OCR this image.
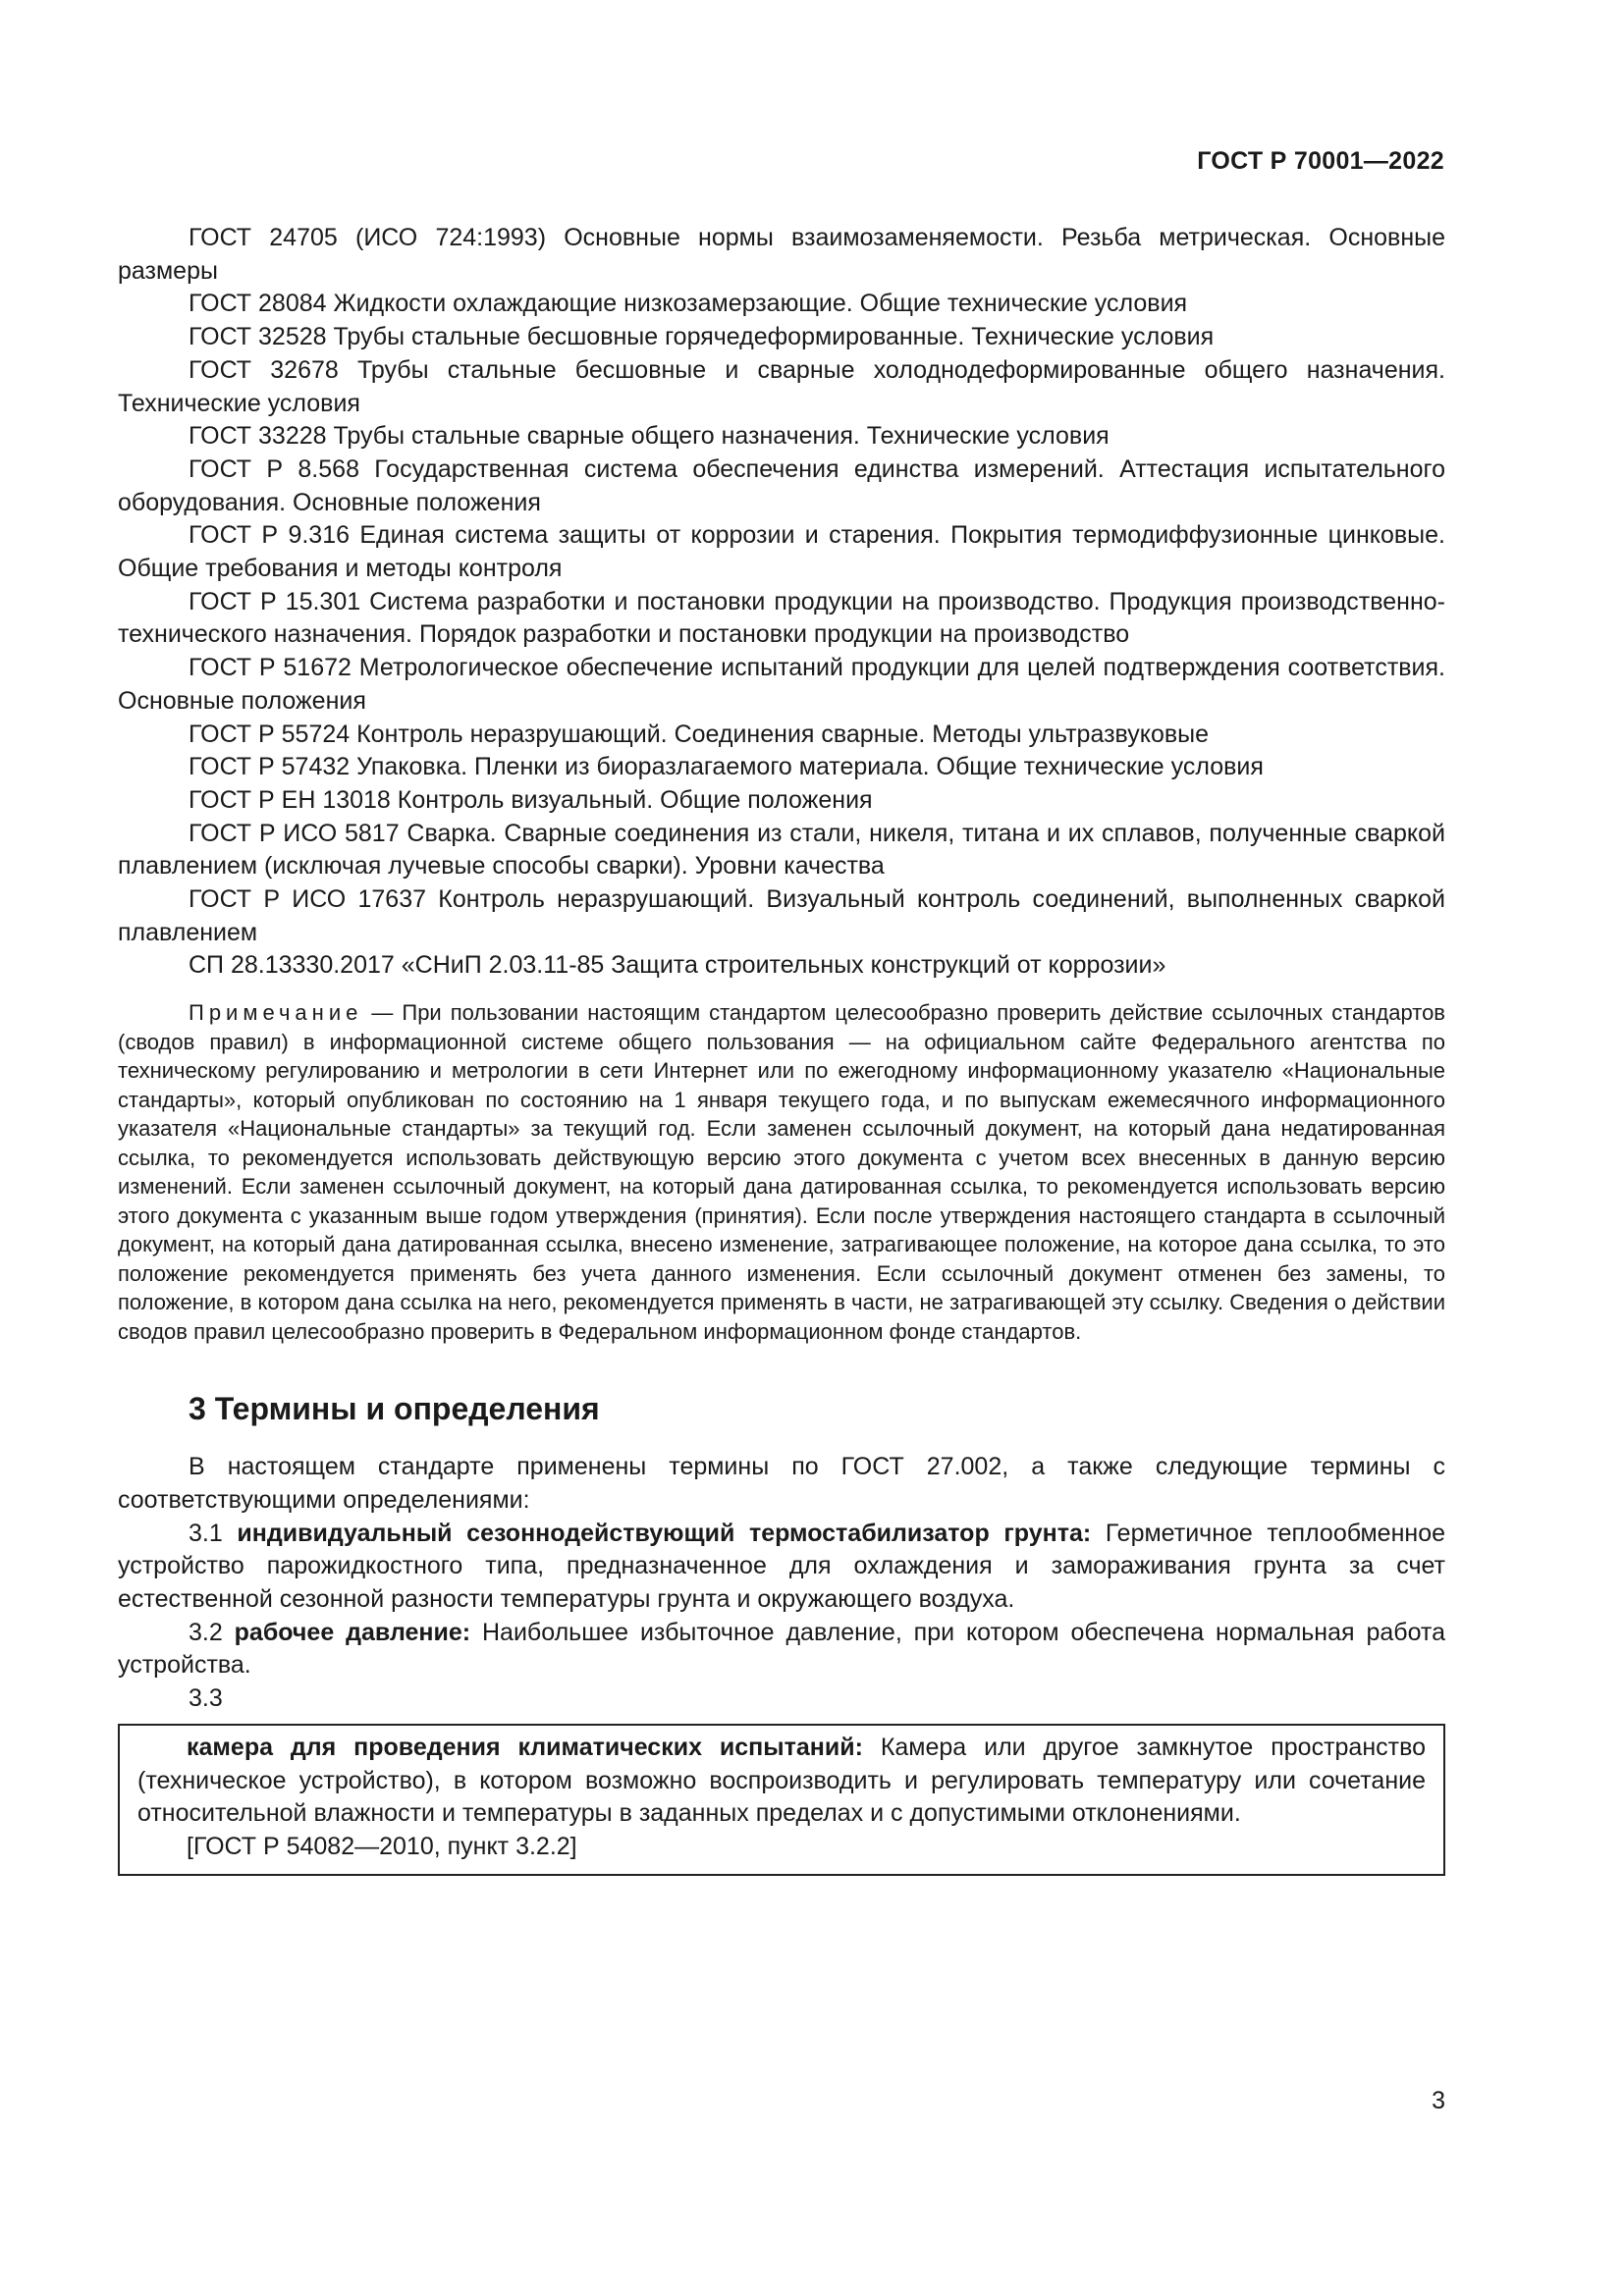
ГОСТ Р 70001—2022

ГОСТ 24705 (ИСО 724:1993) Основные нормы взаимозаменяемости. Резьба метрическая. Основные размеры

ГОСТ 28084 Жидкости охлаждающие низкозамерзающие. Общие технические условия

ГОСТ 32528 Трубы стальные бесшовные горячедеформированные. Технические условия

ГОСТ 32678 Трубы стальные бесшовные и сварные холоднодеформированные общего назначения. Технические условия

ГОСТ 33228 Трубы стальные сварные общего назначения. Технические условия

ГОСТ Р 8.568 Государственная система обеспечения единства измерений. Аттестация испытательного оборудования. Основные положения

ГОСТ Р 9.316 Единая система защиты от коррозии и старения. Покрытия термодиффузионные цинковые. Общие требования и методы контроля

ГОСТ Р 15.301 Система разработки и постановки продукции на производство. Продукция производственно-технического назначения. Порядок разработки и постановки продукции на производство

ГОСТ Р 51672 Метрологическое обеспечение испытаний продукции для целей подтверждения соответствия. Основные положения

ГОСТ Р 55724 Контроль неразрушающий. Соединения сварные. Методы ультразвуковые

ГОСТ Р 57432 Упаковка. Пленки из биоразлагаемого материала. Общие технические условия

ГОСТ Р ЕН 13018 Контроль визуальный. Общие положения

ГОСТ Р ИСО 5817 Сварка. Сварные соединения из стали, никеля, титана и их сплавов, полученные сваркой плавлением (исключая лучевые способы сварки). Уровни качества

ГОСТ Р ИСО 17637 Контроль неразрушающий. Визуальный контроль соединений, выполненных сваркой плавлением

СП 28.13330.2017 «СНиП 2.03.11-85 Защита строительных конструкций от коррозии»

Примечание — При пользовании настоящим стандартом целесообразно проверить действие ссылочных стандартов (сводов правил) в информационной системе общего пользования — на официальном сайте Федерального агентства по техническому регулированию и метрологии в сети Интернет или по ежегодному информационному указателю «Национальные стандарты», который опубликован по состоянию на 1 января текущего года, и по выпускам ежемесячного информационного указателя «Национальные стандарты» за текущий год. Если заменен ссылочный документ, на который дана недатированная ссылка, то рекомендуется использовать действующую версию этого документа с учетом всех внесенных в данную версию изменений. Если заменен ссылочный документ, на который дана датированная ссылка, то рекомендуется использовать версию этого документа с указанным выше годом утверждения (принятия). Если после утверждения настоящего стандарта в ссылочный документ, на который дана датированная ссылка, внесено изменение, затрагивающее положение, на которое дана ссылка, то это положение рекомендуется применять без учета данного изменения. Если ссылочный документ отменен без замены, то положение, в котором дана ссылка на него, рекомендуется применять в части, не затрагивающей эту ссылку. Сведения о действии сводов правил целесообразно проверить в Федеральном информационном фонде стандартов.

3 Термины и определения

В настоящем стандарте применены термины по ГОСТ 27.002, а также следующие термины с соответствующими определениями:

3.1 индивидуальный сезоннодействующий термостабилизатор грунта: Герметичное теплообменное устройство парожидкостного типа, предназначенное для охлаждения и замораживания грунта за счет естественной сезонной разности температуры грунта и окружающего воздуха.

3.2 рабочее давление: Наибольшее избыточное давление, при котором обеспечена нормальная работа устройства.

3.3

камера для проведения климатических испытаний: Камера или другое замкнутое пространство (техническое устройство), в котором возможно воспроизводить и регулировать температуру или сочетание относительной влажности и температуры в заданных пределах и с допустимыми отклонениями.

[ГОСТ Р 54082—2010, пункт 3.2.2]

3
